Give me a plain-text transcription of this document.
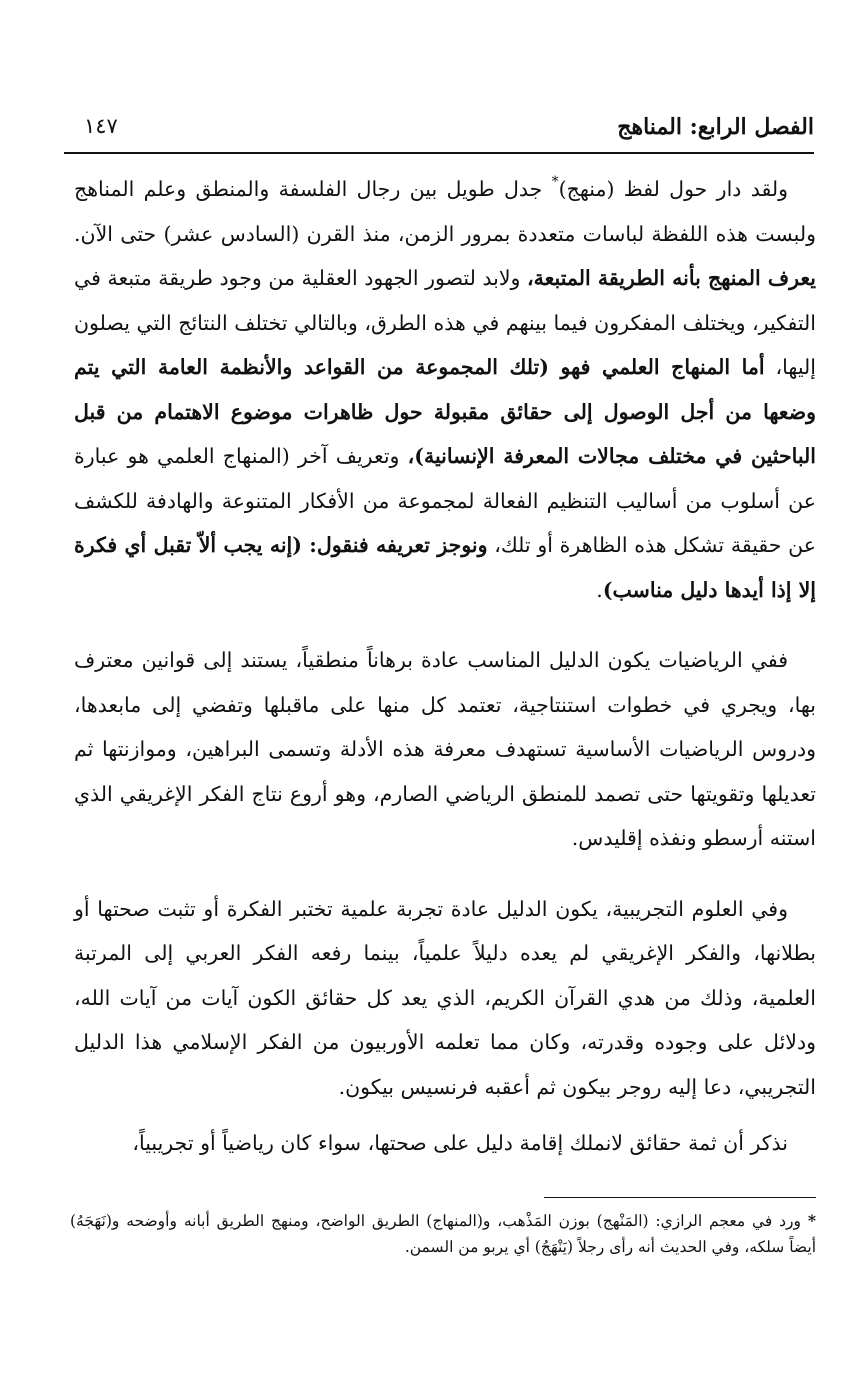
الفصل الرابع: المناهج
١٤٧

ولقد دار حول لفظ (منهج)* جدل طويل بين رجال الفلسفة والمنطق وعلم المناهج ولبست هذه اللفظة لباسات متعددة بمرور الزمن، منذ القرن (السادس عشر) حتى الآن. يعرف المنهج بأنه الطريقة المتبعة، ولابد لتصور الجهود العقلية من وجود طريقة متبعة في التفكير، ويختلف المفكرون فيما بينهم في هذه الطرق، وبالتالي تختلف النتائج التي يصلون إليها، أما المنهاج العلمي فهو (تلك المجموعة من القواعد والأنظمة العامة التي يتم وضعها من أجل الوصول إلى حقائق مقبولة حول ظاهرات موضوع الاهتمام من قبل الباحثين في مختلف مجالات المعرفة الإنسانية)، وتعريف آخر (المنهاج العلمي هو عبارة عن أسلوب من أساليب التنظيم الفعالة لمجموعة من الأفكار المتنوعة والهادفة للكشف عن حقيقة تشكل هذه الظاهرة أو تلك، ونوجز تعريفه فنقول: (إنه يجب ألاّ تقبل أي فكرة إلا إذا أيدها دليل مناسب).

ففي الرياضيات يكون الدليل المناسب عادة برهاناً منطقياً، يستند إلى قوانين معترف بها، ويجري في خطوات استنتاجية، تعتمد كل منها على ماقبلها وتفضي إلى مابعدها، ودروس الرياضيات الأساسية تستهدف معرفة هذه الأدلة وتسمى البراهين، وموازنتها ثم تعديلها وتقويتها حتى تصمد للمنطق الرياضي الصارم، وهو أروع نتاج الفكر الإغريقي الذي استنه أرسطو ونفذه إقليدس.

وفي العلوم التجريبية، يكون الدليل عادة تجربة علمية تختبر الفكرة أو تثبت صحتها أو بطلانها، والفكر الإغريقي لم يعده دليلاً علمياً، بينما رفعه الفكر العربي إلى المرتبة العلمية، وذلك من هدي القرآن الكريم، الذي يعد كل حقائق الكون آيات من آيات الله، ودلائل على وجوده وقدرته، وكان مما تعلمه الأوربيون من الفكر الإسلامي هذا الدليل التجريبي، دعا إليه روجر بيكون ثم أعقبه فرنسيس بيكون.

نذكر أن ثمة حقائق لانملك إقامة دليل على صحتها، سواء كان رياضياً أو تجريبياً،

* ورد في معجم الرازي: (المَنْهج) بوزن المَذْهب، و(المنهاج) الطريق الواضح، ومنهج الطريق أبانه وأوضحه و(نَهَجَهُ) أيضاً سلكه، وفي الحديث أنه رأى رجلاً (يَنْهَجُ) أي يربو من السمن.
